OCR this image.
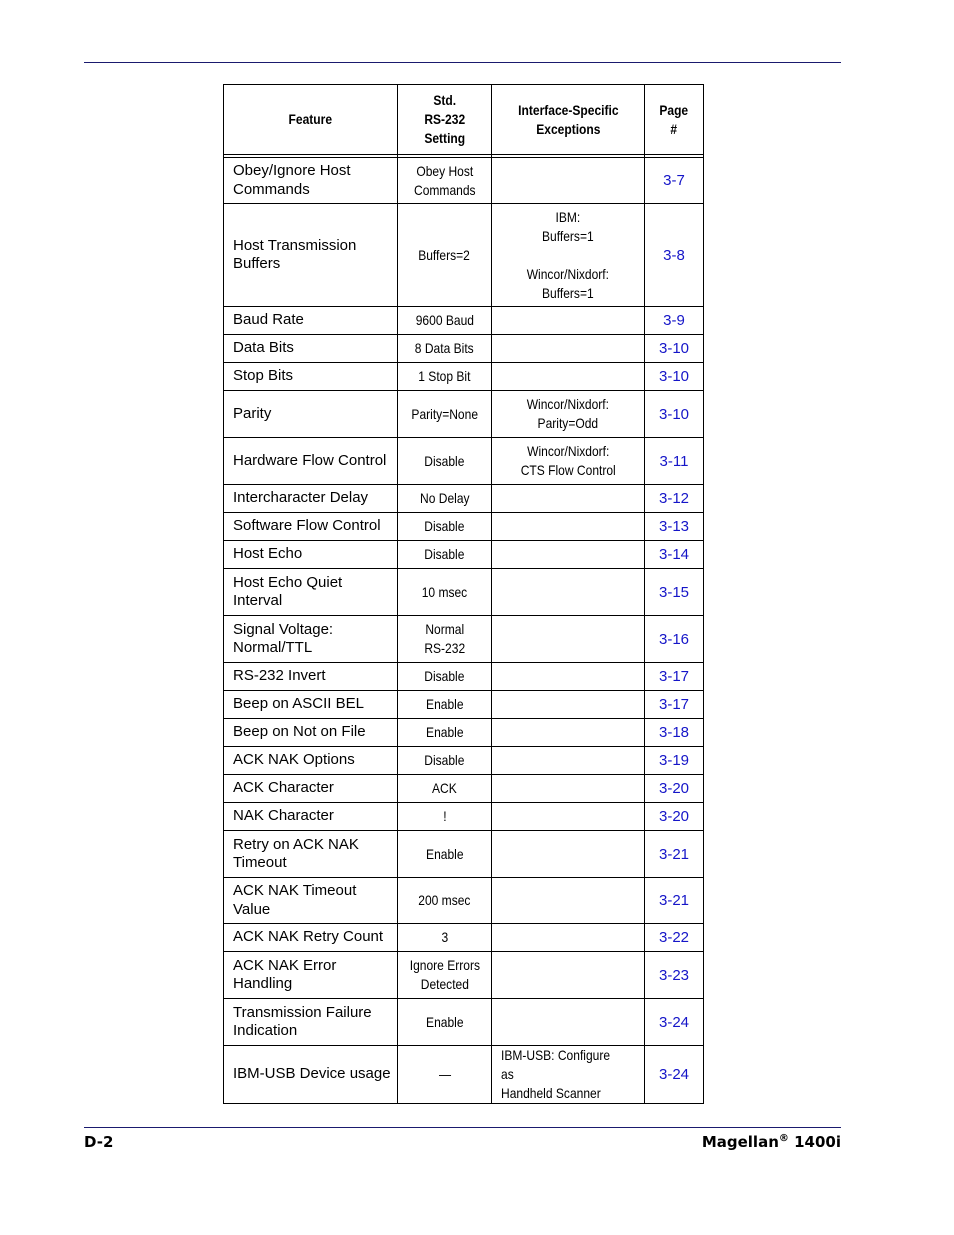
Feature	Std.
RS-232
Setting	Interface-Specific
Exceptions	Page
#

Obey/Ignore Host Commands	Obey Host
Commands		3-7
Host Transmission Buffers	Buffers=2	IBM:
Buffers=1

Wincor/Nixdorf:
Buffers=1	3-8
Baud Rate	9600 Baud		3-9
Data Bits	8 Data Bits		3-10
Stop Bits	1 Stop Bit		3-10
Parity	Parity=None	Wincor/Nixdorf:
Parity=Odd	3-10
Hardware Flow Control	Disable	Wincor/Nixdorf:
CTS Flow Control	3-11
Intercharacter Delay	No Delay		3-12
Software Flow Control	Disable		3-13
Host Echo	Disable		3-14
Host Echo Quiet Interval	10 msec		3-15
Signal Voltage: Normal/TTL	Normal
RS-232		3-16
RS-232 Invert	Disable		3-17
Beep on ASCII BEL	Enable		3-17
Beep on Not on File	Enable		3-18
ACK NAK Options	Disable		3-19
ACK Character	ACK		3-20
NAK Character	!		3-20
Retry on ACK NAK Timeout	Enable		3-21
ACK NAK Timeout Value	200 msec		3-21
ACK NAK Retry Count	3		3-22
ACK NAK Error Handling	Ignore Errors
Detected		3-23
Transmission Failure Indication	Enable		3-24
IBM-USB Device usage	—	IBM-USB: Configure as
Handheld Scanner	3-24
D-2	Magellan® 1400i
